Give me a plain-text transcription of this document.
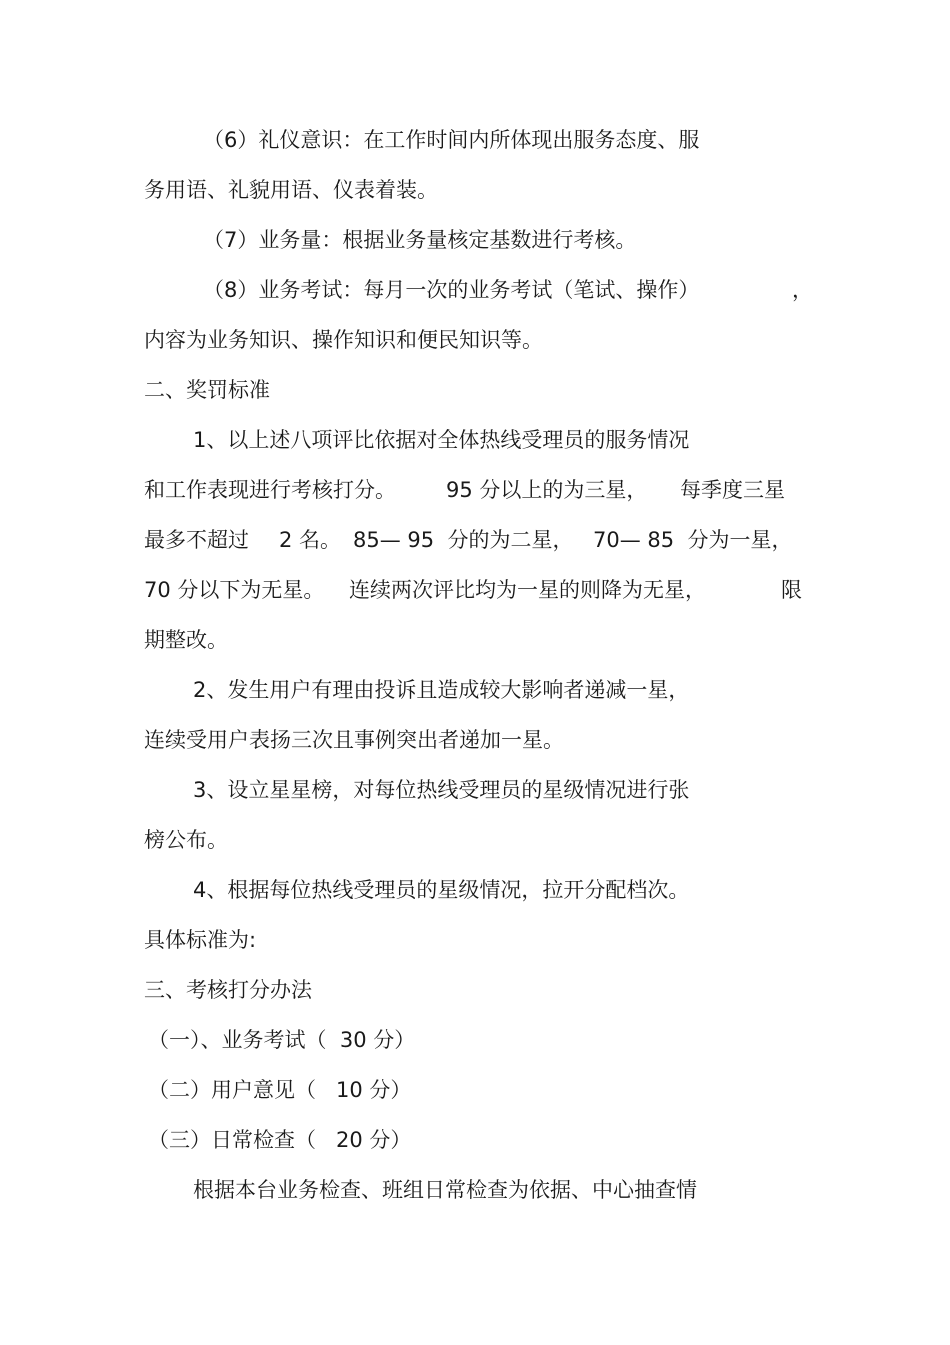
（6）礼仪意识：在工作时间内所体现出服务态度、服
务用语、礼貌用语、仪表着装。
（7）业务量：根据业务量核定基数进行考核。
（8）业务考试：每月一次的业务考试（笔试、操作）	，
内容为业务知识、操作知识和便民知识等。
二、奖罚标准
1、以上述八项评比依据对全体热线受理员的服务情况
和工作表现进行考核打分。 95 分以上的为三星， 每季度三星
最多不超过 2 名。 85— 95  分的为二星， 70— 85  分为一星，
70 分以下为无星。 连续两次评比均为一星的则降为无星，	限
期整改。
2、发生用户有理由投诉且造成较大影响者递减一星，
连续受用户表扬三次且事例突出者递加一星。
3、设立星星榜，对每位热线受理员的星级情况进行张
榜公布。
4、根据每位热线受理员的星级情况，拉开分配档次。
具体标准为:
三、考核打分办法
（一）、业务考试（  30 分）
（二）用户意见（   10 分）
（三）日常检查（   20 分）
根据本台业务检查、班组日常检查为依据、中心抽查情
